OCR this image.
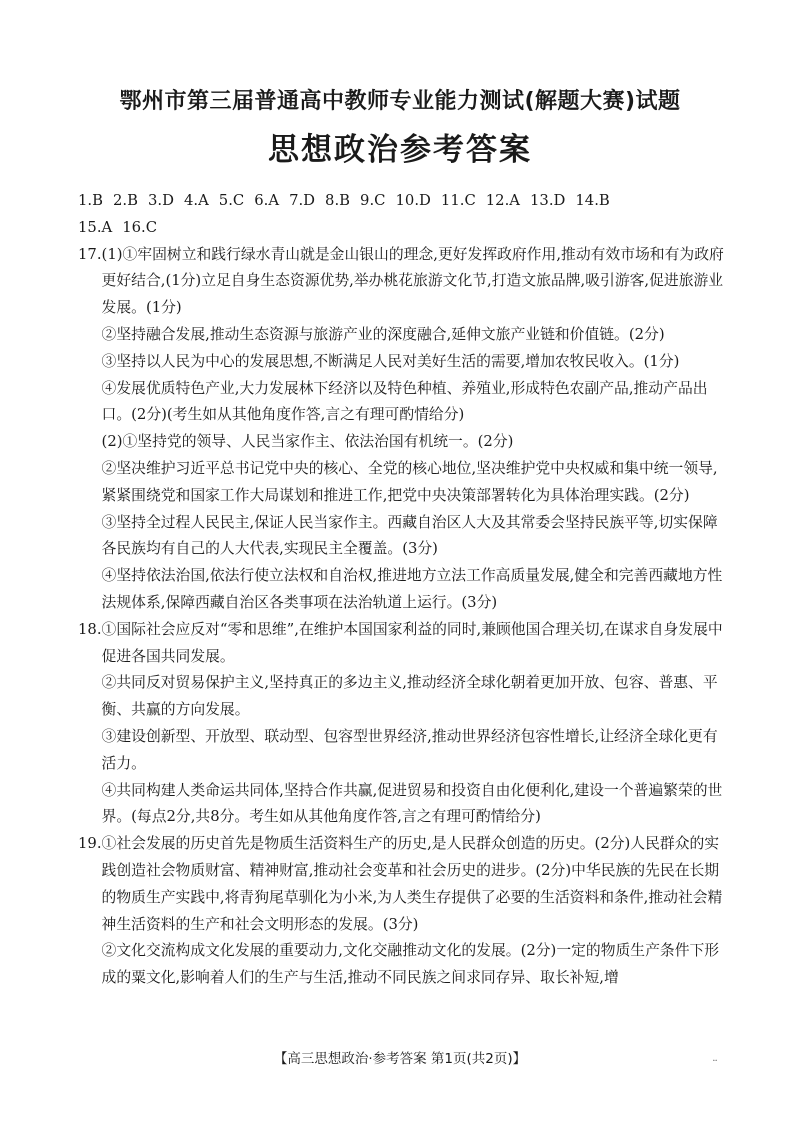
鄂州市第三届普通高中教师专业能力测试(解题大赛)试题
思想政治参考答案
1.B 2.B 3.D 4.A 5.C 6.A 7.D 8.B 9.C 10.D 11.C 12.A 13.D 14.B
15.A 16.C
17. (1)①牢固树立和践行绿水青山就是金山银山的理念,更好发挥政府作用,推动有效市场和有为政府更好结合,(1分)立足自身生态资源优势,举办桃花旅游文化节,打造文旅品牌,吸引游客,促进旅游业发展。(1分)

②坚持融合发展,推动生态资源与旅游产业的深度融合,延伸文旅产业链和价值链。(2分)

③坚持以人民为中心的发展思想,不断满足人民对美好生活的需要,增加农牧民收入。(1分)

④发展优质特色产业,大力发展林下经济以及特色种植、养殖业,形成特色农副产品,推动产品出口。(2分)(考生如从其他角度作答,言之有理可酌情给分)

(2)①坚持党的领导、人民当家作主、依法治国有机统一。(2分)

②坚决维护习近平总书记党中央的核心、全党的核心地位,坚决维护党中央权威和集中统一领导,紧紧围绕党和国家工作大局谋划和推进工作,把党中央决策部署转化为具体治理实践。(2分)

③坚持全过程人民民主,保证人民当家作主。西藏自治区人大及其常委会坚持民族平等,切实保障各民族均有自己的人大代表,实现民主全覆盖。(3分)

④坚持依法治国,依法行使立法权和自治权,推进地方立法工作高质量发展,健全和完善西藏地方性法规体系,保障西藏自治区各类事项在法治轨道上运行。(3分)

18. ①国际社会应反对“零和思维”,在维护本国国家利益的同时,兼顾他国合理关切,在谋求自身发展中促进各国共同发展。

②共同反对贸易保护主义,坚持真正的多边主义,推动经济全球化朝着更加开放、包容、普惠、平衡、共赢的方向发展。

③建设创新型、开放型、联动型、包容型世界经济,推动世界经济包容性增长,让经济全球化更有活力。

④共同构建人类命运共同体,坚持合作共赢,促进贸易和投资自由化便利化,建设一个普遍繁荣的世界。(每点2分,共8分。考生如从其他角度作答,言之有理可酌情给分)

19. ①社会发展的历史首先是物质生活资料生产的历史,是人民群众创造的历史。(2分)人民群众的实践创造社会物质财富、精神财富,推动社会变革和社会历史的进步。(2分)中华民族的先民在长期的物质生产实践中,将青狗尾草驯化为小米,为人类生存提供了必要的生活资料和条件,推动社会精神生活资料的生产和社会文明形态的发展。(3分)

②文化交流构成文化发展的重要动力,文化交融推动文化的发展。(2分)一定的物质生产条件下形成的粟文化,影响着人们的生产与生活,推动不同民族之间求同存异、取长补短,增

【高三思想政治·参考答案 第1页(共2页)】	¨
